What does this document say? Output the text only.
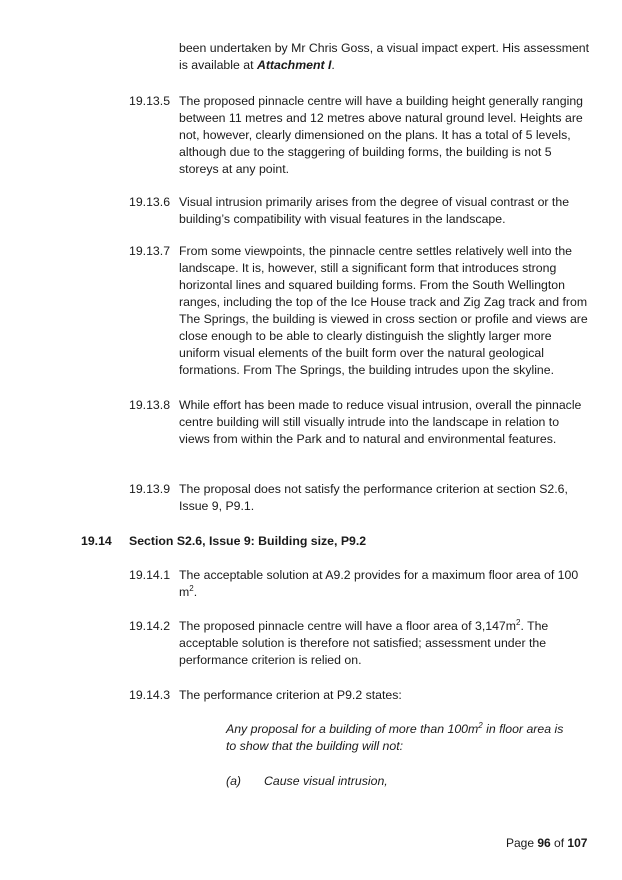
been undertaken by Mr Chris Goss, a visual impact expert. His assessment is available at Attachment I.
19.13.5 The proposed pinnacle centre will have a building height generally ranging between 11 metres and 12 metres above natural ground level. Heights are not, however, clearly dimensioned on the plans. It has a total of 5 levels, although due to the staggering of building forms, the building is not 5 storeys at any point.
19.13.6 Visual intrusion primarily arises from the degree of visual contrast or the building’s compatibility with visual features in the landscape.
19.13.7 From some viewpoints, the pinnacle centre settles relatively well into the landscape. It is, however, still a significant form that introduces strong horizontal lines and squared building forms. From the South Wellington ranges, including the top of the Ice House track and Zig Zag track and from The Springs, the building is viewed in cross section or profile and views are close enough to be able to clearly distinguish the slightly larger more uniform visual elements of the built form over the natural geological formations. From The Springs, the building intrudes upon the skyline.
19.13.8 While effort has been made to reduce visual intrusion, overall the pinnacle centre building will still visually intrude into the landscape in relation to views from within the Park and to natural and environmental features.
19.13.9 The proposal does not satisfy the performance criterion at section S2.6, Issue 9, P9.1.
19.14 Section S2.6, Issue 9: Building size, P9.2
19.14.1 The acceptable solution at A9.2 provides for a maximum floor area of 100 $m^2$.
19.14.2 The proposed pinnacle centre will have a floor area of $3,147m^2$. The acceptable solution is therefore not satisfied; assessment under the performance criterion is relied on.
19.14.3 The performance criterion at P9.2 states:
Any proposal for a building of more than $100m^2$ in floor area is to show that the building will not:
(a) Cause visual intrusion,
Page 96 of 107
